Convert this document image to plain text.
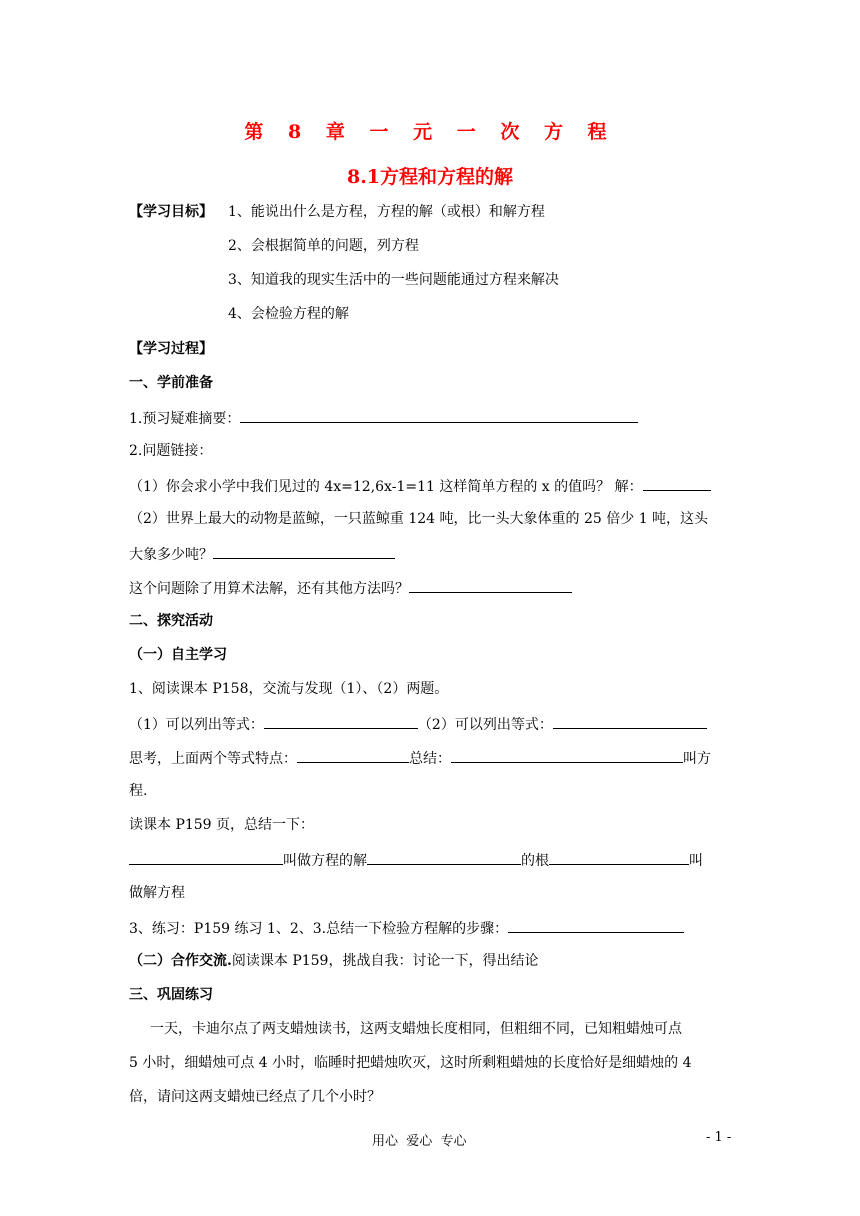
第 8 章 一 元 一 次 方 程
8.1方程和方程的解
【学习目标】 1、能说出什么是方程，方程的解（或根）和解方程
2、会根据简单的问题，列方程
3、知道我的现实生活中的一些问题能通过方程来解决
4、会检验方程的解
【学习过程】
一、学前准备
1.预习疑难摘要：
2.问题链接：
（1）你会求小学中我们见过的 4x=12,6x-1=11 这样简单方程的 x 的值吗？ 解：
（2）世界上最大的动物是蓝鲸，一只蓝鲸重 124 吨，比一头大象体重的 25 倍少 1 吨，这头
大象多少吨？
这个问题除了用算术法解，还有其他方法吗？
二、探究活动
（一）自主学习
1、阅读课本 P158，交流与发现（1）、（2）两题。
（1）可以列出等式：	（2）可以列出等式：
思考，上面两个等式特点：	总结：	叫方
程.
读课本 P159 页，总结一下：
叫做方程的解	的根	叫
做解方程
3、练习：P159 练习 1、2、3.总结一下检验方程解的步骤：
（二）合作交流.阅读课本 P159，挑战自我：讨论一下，得出结论
三、巩固练习
一天，卡迪尔点了两支蜡烛读书，这两支蜡烛长度相同，但粗细不同，已知粗蜡烛可点
5 小时，细蜡烛可点 4 小时，临睡时把蜡烛吹灭，这时所剩粗蜡烛的长度恰好是细蜡烛的 4
倍，请问这两支蜡烛已经点了几个小时？
用心  爱心  专心	- 1 -
